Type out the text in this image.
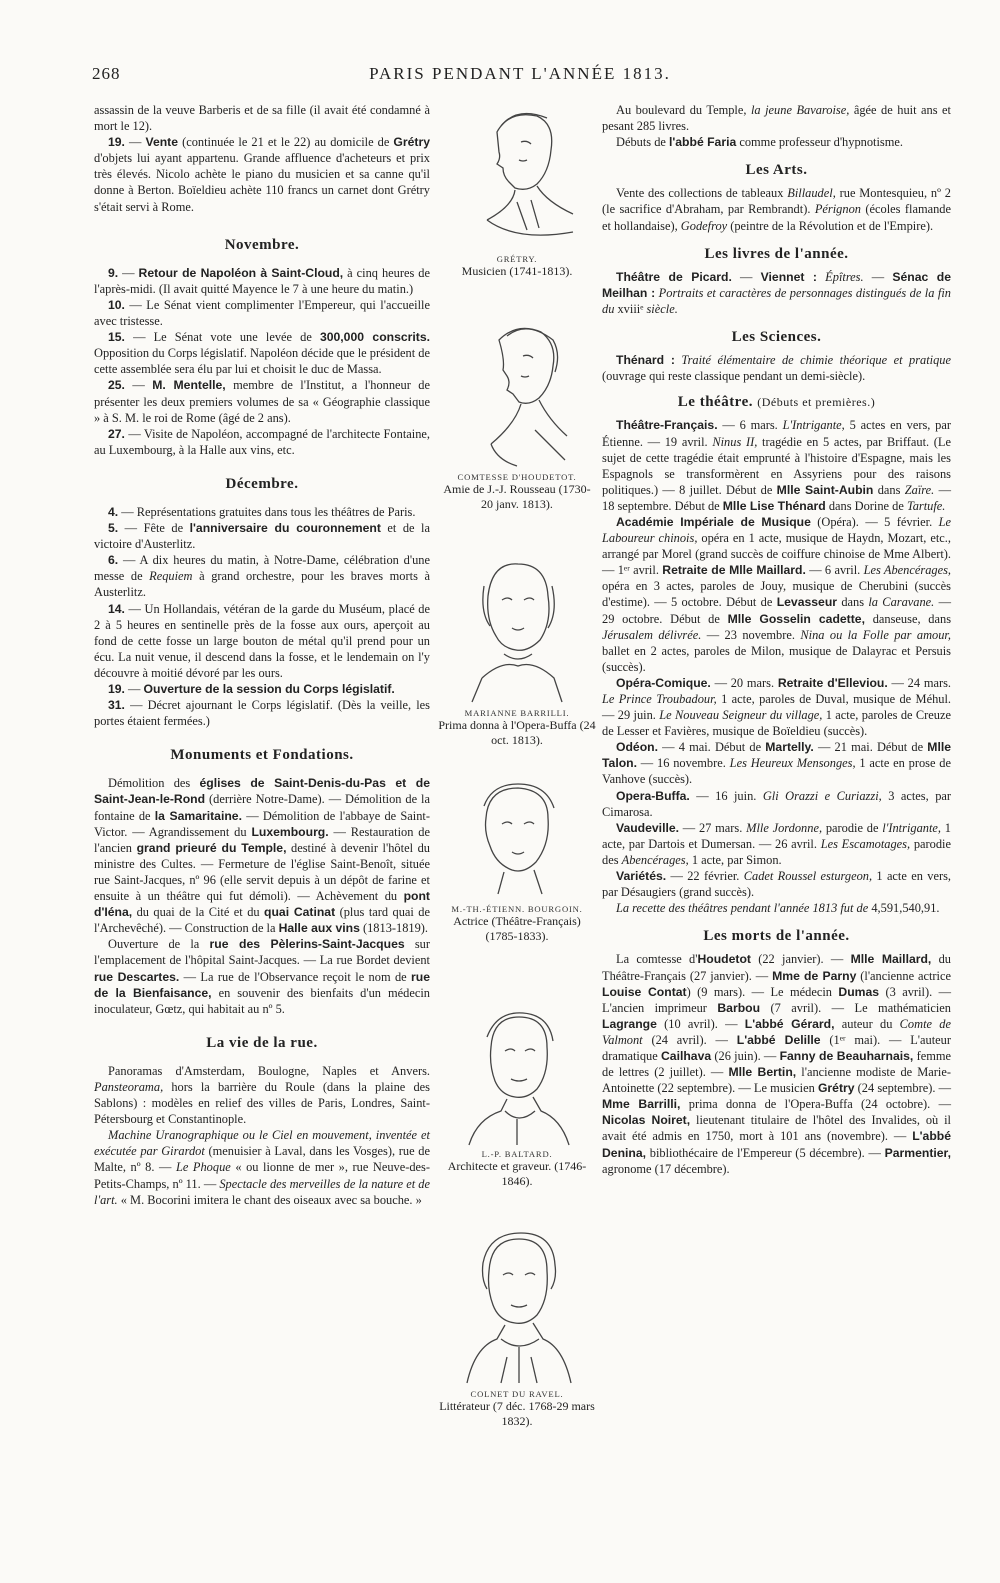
268	PARIS PENDANT L'ANNÉE 1813.

assassin de la veuve Barberis et de sa fille (il avait été condamné à mort le 12).

19. — Vente (continuée le 21 et le 22) au domicile de Grétry d'objets lui ayant appartenu. Grande affluence d'acheteurs et prix très élevés. Nicolo achète le piano du musicien et sa canne qu'il donne à Berton. Boïeldieu achète 110 francs un carnet dont Grétry s'était servi à Rome.

Novembre.

9. — Retour de Napoléon à Saint-Cloud, à cinq heures de l'après-midi. (Il avait quitté Mayence le 7 à une heure du matin.)

10. — Le Sénat vient complimenter l'Empereur, qui l'accueille avec tristesse.

15. — Le Sénat vote une levée de 300,000 conscrits. Opposition du Corps législatif. Napoléon décide que le président de cette assemblée sera élu par lui et choisit le duc de Massa.

25. — M. Mentelle, membre de l'Institut, a l'honneur de présenter les deux premiers volumes de sa « Géographie classique » à S. M. le roi de Rome (âgé de 2 ans).

27. — Visite de Napoléon, accompagné de l'architecte Fontaine, au Luxembourg, à la Halle aux vins, etc.

Décembre.

4. — Représentations gratuites dans tous les théâtres de Paris.

5. — Fête de l'anniversaire du couronnement et de la victoire d'Austerlitz.

6. — A dix heures du matin, à Notre-Dame, célébration d'une messe de Requiem à grand orchestre, pour les braves morts à Austerlitz.

14. — Un Hollandais, vétéran de la garde du Muséum, placé de 2 à 5 heures en sentinelle près de la fosse aux ours, aperçoit au fond de cette fosse un large bouton de métal qu'il prend pour un écu. La nuit venue, il descend dans la fosse, et le lendemain on l'y découvre à moitié dévoré par les ours.

19. — Ouverture de la session du Corps législatif.

31. — Décret ajournant le Corps législatif. (Dès la veille, les portes étaient fermées.)

Monuments et Fondations.

Démolition des églises de Saint-Denis-du-Pas et de Saint-Jean-le-Rond (derrière Notre-Dame). — Démolition de la fontaine de la Samaritaine. — Démolition de l'abbaye de Saint-Victor. — Agrandissement du Luxembourg. — Restauration de l'ancien grand prieuré du Temple, destiné à devenir l'hôtel du ministre des Cultes. — Fermeture de l'église Saint-Benoît, située rue Saint-Jacques, nº 96 (elle servit depuis à un dépôt de farine et ensuite à un théâtre qui fut démoli). — Achèvement du pont d'Iéna, du quai de la Cité et du quai Catinat (plus tard quai de l'Archevêché). — Construction de la Halle aux vins (1813-1819).

Ouverture de la rue des Pèlerins-Saint-Jacques sur l'emplacement de l'hôpital Saint-Jacques. — La rue Bordet devient rue Descartes. — La rue de l'Observance reçoit le nom de rue de la Bienfaisance, en souvenir des bienfaits d'un médecin inoculateur, Gœtz, qui habitait au nº 5.

La vie de la rue.

Panoramas d'Amsterdam, Boulogne, Naples et Anvers. Pansteorama, hors la barrière du Roule (dans la plaine des Sablons) : modèles en relief des villes de Paris, Londres, Saint-Pétersbourg et Constantinople.

Machine Uranographique ou le Ciel en mouvement, inventée et exécutée par Girardot (menuisier à Laval, dans les Vosges), rue de Malte, nº 8. — Le Phoque « ou lionne de mer », rue Neuve-des-Petits-Champs, nº 11. — Spectacle des merveilles de la nature et de l'art. « M. Bocorini imitera le chant des oiseaux avec sa bouche. »

GRÉTRY.
Musicien (1741-1813).
COMTESSE D'HOUDETOT.
Amie de J.-J. Rousseau (1730-20 janv. 1813).
MARIANNE BARRILLI.
Prima donna à l'Opera-Buffa (24 oct. 1813).
M.-TH.-ÉTIENN. BOURGOIN.
Actrice (Théâtre-Français) (1785-1833).
L.-P. BALTARD.
Architecte et graveur. (1746-1846).
COLNET DU RAVEL.
Littérateur (7 déc. 1768-29 mars 1832).

Au boulevard du Temple, la jeune Bavaroise, âgée de huit ans et pesant 285 livres.

Débuts de l'abbé Faria comme professeur d'hypnotisme.

Les Arts.

Vente des collections de tableaux Billaudel, rue Montesquieu, nº 2 (le sacrifice d'Abraham, par Rembrandt). Pérignon (écoles flamande et hollandaise), Godefroy (peintre de la Révolution et de l'Empire).

Les livres de l'année.

Théâtre de Picard. — Viennet : Épîtres. — Sénac de Meilhan : Portraits et caractères de personnages distingués de la fin du xviiiᵉ siècle.

Les Sciences.

Thénard : Traité élémentaire de chimie théorique et pratique (ouvrage qui reste classique pendant un demi-siècle).

Le théâtre. (Débuts et premières.)

Théâtre-Français. — 6 mars. L'Intrigante, 5 actes en vers, par Étienne. — 19 avril. Ninus II, tragédie en 5 actes, par Briffaut. (Le sujet de cette tragédie était emprunté à l'histoire d'Espagne, mais les Espagnols se transformèrent en Assyriens pour des raisons politiques.) — 8 juillet. Début de Mlle Saint-Aubin dans Zaïre. — 18 septembre. Début de Mlle Lise Thénard dans Dorine de Tartufe.

Académie Impériale de Musique (Opéra). — 5 février. Le Laboureur chinois, opéra en 1 acte, musique de Haydn, Mozart, etc., arrangé par Morel (grand succès de coiffure chinoise de Mme Albert). — 1ᵉʳ avril. Retraite de Mlle Maillard. — 6 avril. Les Abencérages, opéra en 3 actes, paroles de Jouy, musique de Cherubini (succès d'estime). — 5 octobre. Début de Levasseur dans la Caravane. — 29 octobre. Début de Mlle Gosselin cadette, danseuse, dans Jérusalem délivrée. — 23 novembre. Nina ou la Folle par amour, ballet en 2 actes, paroles de Milon, musique de Dalayrac et Persuis (succès).

Opéra-Comique. — 20 mars. Retraite d'Elleviou. — 24 mars. Le Prince Troubadour, 1 acte, paroles de Duval, musique de Méhul. — 29 juin. Le Nouveau Seigneur du village, 1 acte, paroles de Creuze de Lesser et Favières, musique de Boïeldieu (succès).

Odéon. — 4 mai. Début de Martelly. — 21 mai. Début de Mlle Talon. — 16 novembre. Les Heureux Mensonges, 1 acte en prose de Vanhove (succès).

Opera-Buffa. — 16 juin. Gli Orazzi e Curiazzi, 3 actes, par Cimarosa.

Vaudeville. — 27 mars. Mlle Jordonne, parodie de l'Intrigante, 1 acte, par Dartois et Dumersan. — 26 avril. Les Escamotages, parodie des Abencérages, 1 acte, par Simon.

Variétés. — 22 février. Cadet Roussel esturgeon, 1 acte en vers, par Désaugiers (grand succès).

La recette des théâtres pendant l'année 1813 fut de 4,591,540,91.

Les morts de l'année.

La comtesse d'Houdetot (22 janvier). — Mlle Maillard, du Théâtre-Français (27 janvier). — Mme de Parny (l'ancienne actrice Louise Contat) (9 mars). — Le médecin Dumas (3 avril). — L'ancien imprimeur Barbou (7 avril). — Le mathématicien Lagrange (10 avril). — L'abbé Gérard, auteur du Comte de Valmont (24 avril). — L'abbé Delille (1ᵉʳ mai). — L'auteur dramatique Cailhava (26 juin). — Fanny de Beauharnais, femme de lettres (2 juillet). — Mlle Bertin, l'ancienne modiste de Marie-Antoinette (22 septembre). — Le musicien Grétry (24 septembre). — Mme Barrilli, prima donna de l'Opera-Buffa (24 octobre). — Nicolas Noiret, lieutenant titulaire de l'hôtel des Invalides, où il avait été admis en 1750, mort à 101 ans (novembre). — L'abbé Denina, bibliothécaire de l'Empereur (5 décembre). — Parmentier, agronome (17 décembre).
